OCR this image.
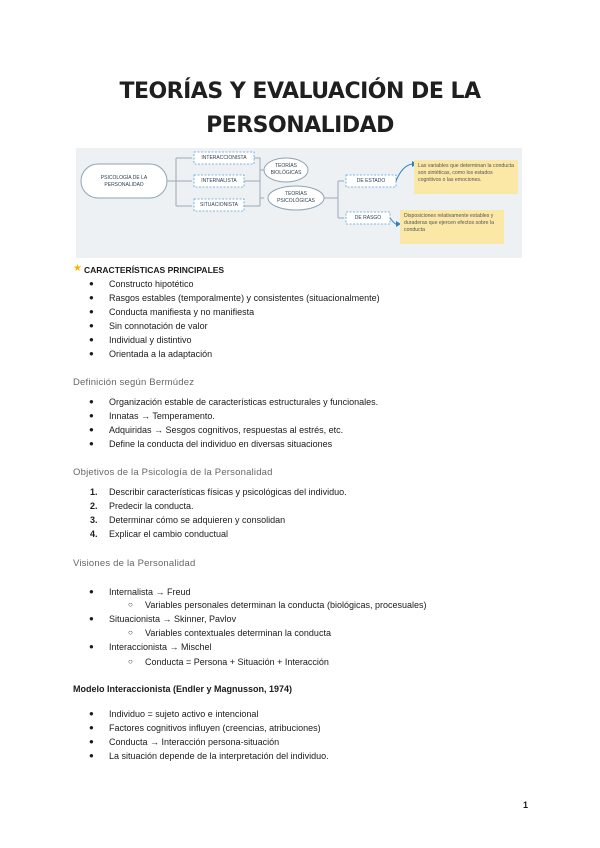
TEORÍAS Y EVALUACIÓN DE LA
PERSONALIDAD
PSICOLOGÍA DE LA PERSONALIDAD
INTERACCIONISTA
INTERNALISTA
SITUACIONISTA
TEORÍAS BIOLÓGICAS
TEORÍAS PSICOLÓGICAS
DE ESTADO
DE RASGO
Las variables que determinan la conducta son sintéticas, como los estados cognitivos o las emociones.
Disposiciones relativamente estables y duraderas que ejercen efectos sobre la conducta
★ CARACTERÍSTICAS PRINCIPALES
● Constructo hipotético
● Rasgos estables (temporalmente) y consistentes (situacionalmente)
● Conducta manifiesta y no manifiesta
● Sin connotación de valor
● Individual y distintivo
● Orientada a la adaptación
Definición según Bermúdez
● Organización estable de características estructurales y funcionales.
● Innatas → Temperamento.
● Adquiridas → Sesgos cognitivos, respuestas al estrés, etc.
● Define la conducta del individuo en diversas situaciones
Objetivos de la Psicología de la Personalidad
1. Describir características físicas y psicológicas del individuo.
2. Predecir la conducta.
3. Determinar cómo se adquieren y consolidan
4. Explicar el cambio conductual
Visiones de la Personalidad
● Internalista → Freud
○ Variables personales determinan la conducta (biológicas, procesuales)
● Situacionista → Skinner, Pavlov
○ Variables contextuales determinan la conducta
● Interaccionista → Mischel
○ Conducta = Persona + Situación + Interacción
Modelo Interaccionista (Endler y Magnusson, 1974)
● Individuo = sujeto activo e intencional
● Factores cognitivos influyen (creencias, atribuciones)
● Conducta → Interacción persona-situación
● La situación depende de la interpretación del individuo.
1
